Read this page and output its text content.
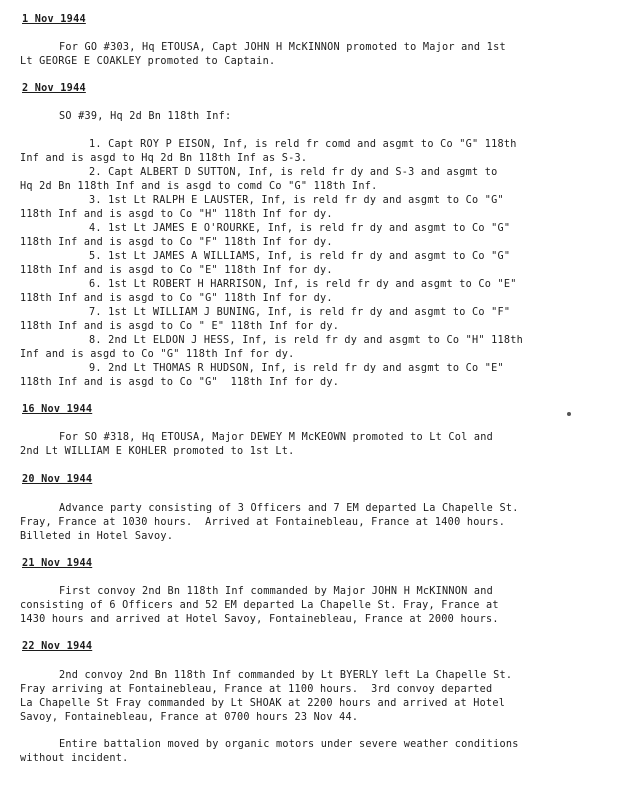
1 Nov 1944
For GO #303, Hq ETOUSA, Capt JOHN H McKINNON promoted to Major and 1st
Lt GEORGE E COAKLEY promoted to Captain.
2 Nov 1944
SO #39, Hq 2d Bn 118th Inf:
1. Capt ROY P EISON, Inf, is reld fr comd and asgmt to Co "G" 118th
Inf and is asgd to Hq 2d Bn 118th Inf as S-3.
2. Capt ALBERT D SUTTON, Inf, is reld fr dy and S-3 and asgmt to
Hq 2d Bn 118th Inf and is asgd to comd Co "G" 118th Inf.
3. 1st Lt RALPH E LAUSTER, Inf, is reld fr dy and asgmt to Co "G"
118th Inf and is asgd to Co "H" 118th Inf for dy.
4. 1st Lt JAMES E O'ROURKE, Inf, is reld fr dy and asgmt to Co "G"
118th Inf and is asgd to Co "F" 118th Inf for dy.
5. 1st Lt JAMES A WILLIAMS, Inf, is reld fr dy and asgmt to Co "G"
118th Inf and is asgd to Co "E" 118th Inf for dy.
6. 1st Lt ROBERT H HARRISON, Inf, is reld fr dy and asgmt to Co "E"
118th Inf and is asgd to Co "G" 118th Inf for dy.
7. 1st Lt WILLIAM J BUNING, Inf, is reld fr dy and asgmt to Co "F"
118th Inf and is asgd to Co " E" 118th Inf for dy.
8. 2nd Lt ELDON J HESS, Inf, is reld fr dy and asgmt to Co "H" 118th
Inf and is asgd to Co "G" 118th Inf for dy.
9. 2nd Lt THOMAS R HUDSON, Inf, is reld fr dy and asgmt to Co "E"
118th Inf and is asgd to Co "G"  118th Inf for dy.
16 Nov 1944
For SO #318, Hq ETOUSA, Major DEWEY M McKEOWN promoted to Lt Col and
2nd Lt WILLIAM E KOHLER promoted to 1st Lt.
20 Nov 1944
Advance party consisting of 3 Officers and 7 EM departed La Chapelle St.
Fray, France at 1030 hours.  Arrived at Fontainebleau, France at 1400 hours.
Billeted in Hotel Savoy.
21 Nov 1944
First convoy 2nd Bn 118th Inf commanded by Major JOHN H McKINNON and
consisting of 6 Officers and 52 EM departed La Chapelle St. Fray, France at
1430 hours and arrived at Hotel Savoy, Fontainebleau, France at 2000 hours.
22 Nov 1944
2nd convoy 2nd Bn 118th Inf commanded by Lt BYERLY left La Chapelle St.
Fray arriving at Fontainebleau, France at 1100 hours.  3rd convoy departed
La Chapelle St Fray commanded by Lt SHOAK at 2200 hours and arrived at Hotel
Savoy, Fontainebleau, France at 0700 hours 23 Nov 44.
Entire battalion moved by organic motors under severe weather conditions
without incident.
